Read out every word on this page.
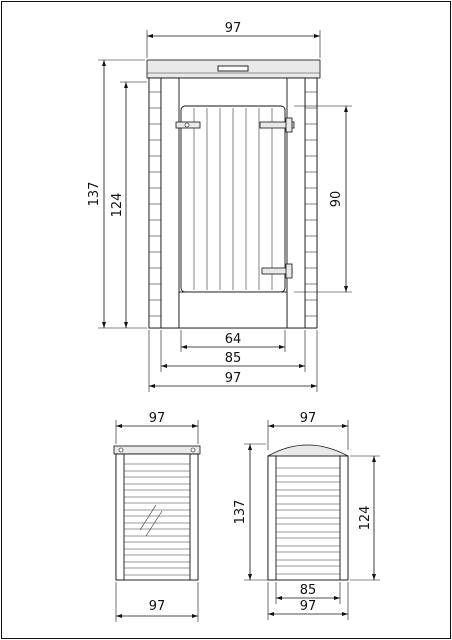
97
137 124	90
64
85
97
97
97
97
137	124
85
97
